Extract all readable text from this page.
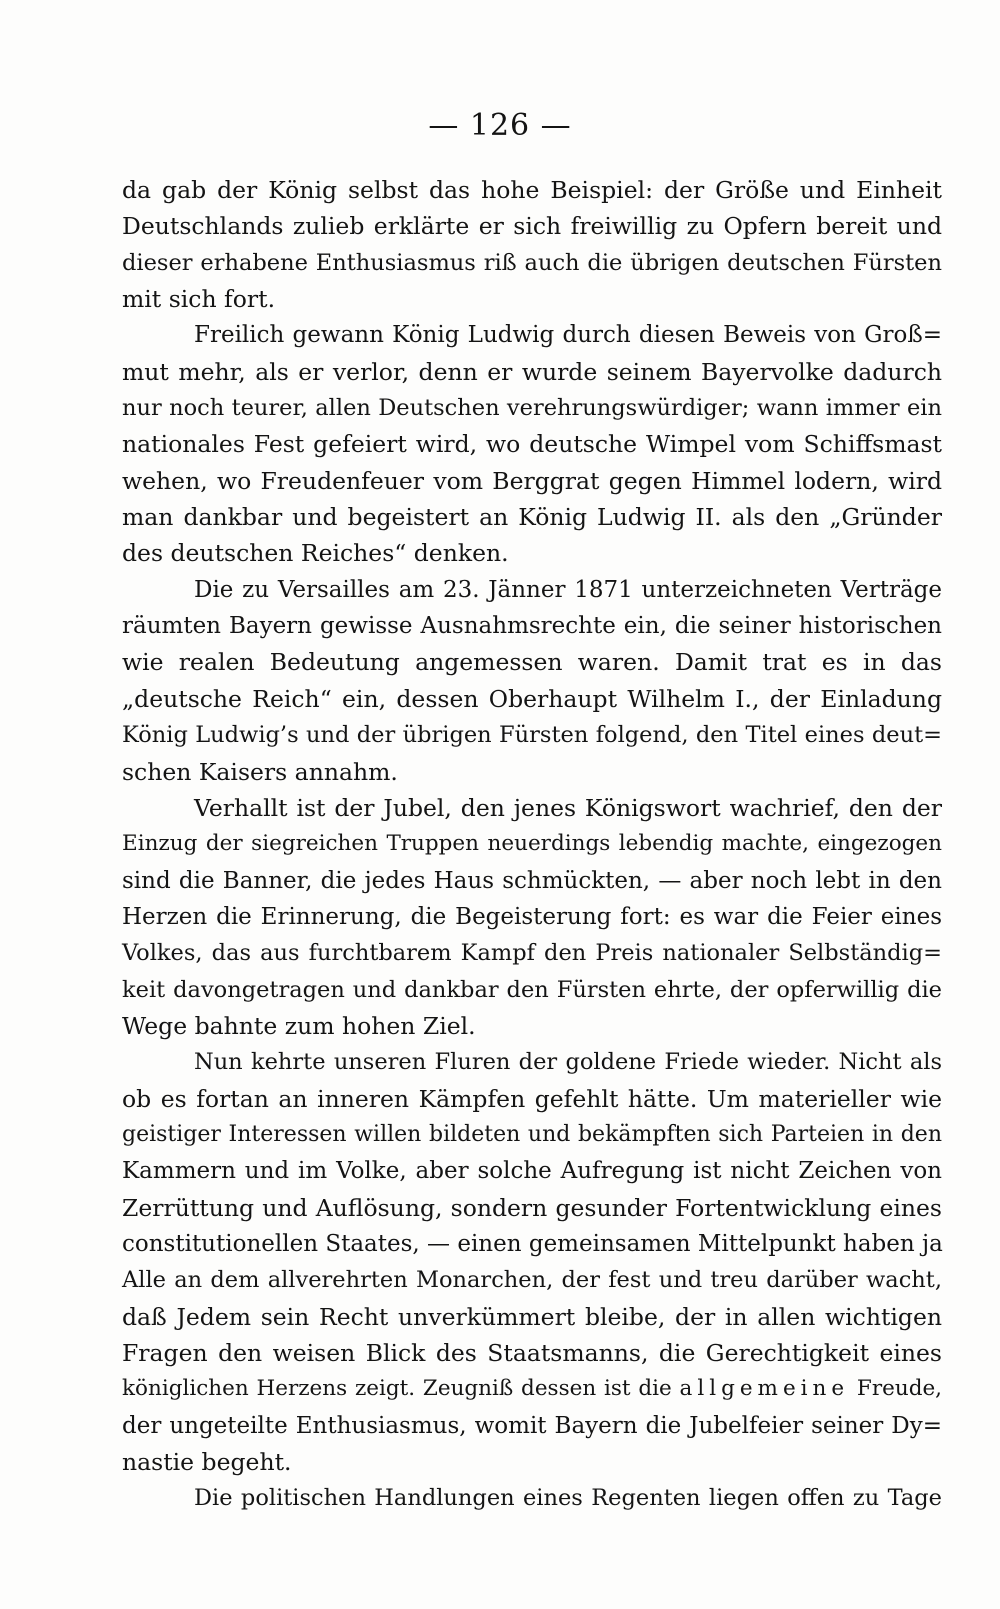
— 126 —
da gab der König selbst das hohe Beispiel: der Größe und Einheit
Deutschlands zulieb erklärte er sich freiwillig zu Opfern bereit und
dieser erhabene Enthusiasmus riß auch die übrigen deutschen Fürsten
mit sich fort.
Freilich gewann König Ludwig durch diesen Beweis von Groß=
mut mehr, als er verlor, denn er wurde seinem Bayervolke dadurch
nur noch teurer, allen Deutschen verehrungswürdiger; wann immer ein
nationales Fest gefeiert wird, wo deutsche Wimpel vom Schiffsmast
wehen, wo Freudenfeuer vom Berggrat gegen Himmel lodern, wird
man dankbar und begeistert an König Ludwig II. als den „Gründer
des deutschen Reiches“ denken.
Die zu Versailles am 23. Jänner 1871 unterzeichneten Verträge
räumten Bayern gewisse Ausnahmsrechte ein, die seiner historischen
wie realen Bedeutung angemessen waren. Damit trat es in das
„deutsche Reich“ ein, dessen Oberhaupt Wilhelm I., der Einladung
König Ludwig’s und der übrigen Fürsten folgend, den Titel eines deut=
schen Kaisers annahm.
Verhallt ist der Jubel, den jenes Königswort wachrief, den der
Einzug der siegreichen Truppen neuerdings lebendig machte, eingezogen
sind die Banner, die jedes Haus schmückten, — aber noch lebt in den
Herzen die Erinnerung, die Begeisterung fort: es war die Feier eines
Volkes, das aus furchtbarem Kampf den Preis nationaler Selbständig=
keit davongetragen und dankbar den Fürsten ehrte, der opferwillig die
Wege bahnte zum hohen Ziel.
Nun kehrte unseren Fluren der goldene Friede wieder. Nicht als
ob es fortan an inneren Kämpfen gefehlt hätte. Um materieller wie
geistiger Interessen willen bildeten und bekämpften sich Parteien in den
Kammern und im Volke, aber solche Aufregung ist nicht Zeichen von
Zerrüttung und Auflösung, sondern gesunder Fortentwicklung eines
constitutionellen Staates, — einen gemeinsamen Mittelpunkt haben ja
Alle an dem allverehrten Monarchen, der fest und treu darüber wacht,
daß Jedem sein Recht unverkümmert bleibe, der in allen wichtigen
Fragen den weisen Blick des Staatsmanns, die Gerechtigkeit eines
königlichen Herzens zeigt. Zeugniß dessen ist die allgemeine Freude,
der ungeteilte Enthusiasmus, womit Bayern die Jubelfeier seiner Dy=
nastie begeht.
Die politischen Handlungen eines Regenten liegen offen zu Tage
